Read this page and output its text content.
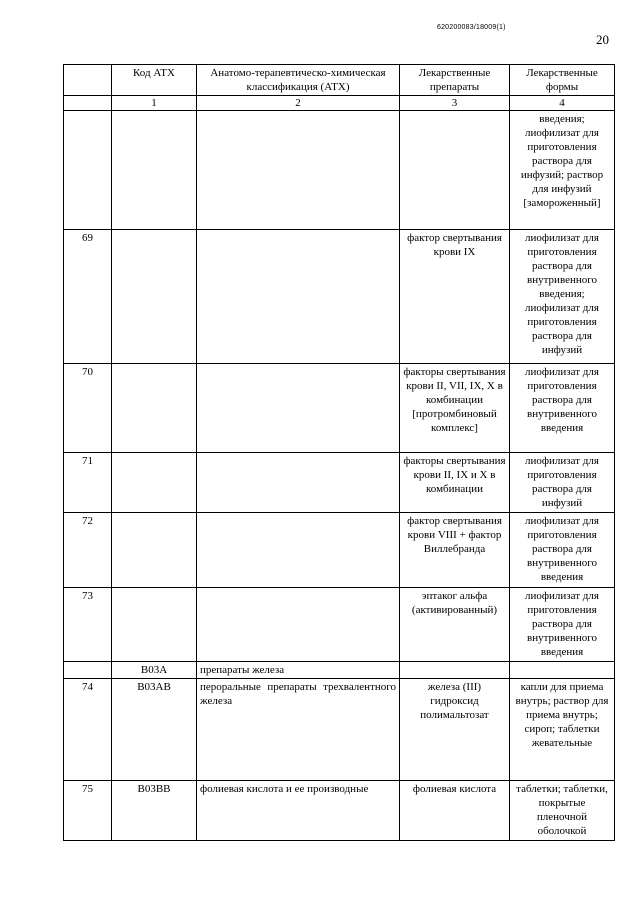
620200083/18009(1)
20
	Код АТХ	Анатомо-терапевтическо-химическая классификация (АТХ)	Лекарственные препараты	Лекарственные формы
	1	2	3	4
				введения; лиофилизат для приготовления раствора для инфузий; раствор для инфузий [замороженный]
69			фактор свертывания крови IX	лиофилизат для приготовления раствора для внутривенного введения; лиофилизат для приготовления раствора для инфузий
70			факторы свертывания крови II, VII, IX, X в комбинации [протромбиновый комплекс]	лиофилизат для приготовления раствора для внутривенного введения
71			факторы свертывания крови II, IX и X в комбинации	лиофилизат для приготовления раствора для инфузий
72			фактор свертывания крови VIII + фактор Виллебранда	лиофилизат для приготовления раствора для внутривенного введения
73			эптаког альфа (активированный)	лиофилизат для приготовления раствора для внутривенного введения
	B03A	препараты железа		
74	B03AB	пероральные препараты трехвалентного железа	железа (III) гидроксид полимальтозат	капли для приема внутрь; раствор для приема внутрь; сироп; таблетки жевательные
75	B03BB	фолиевая кислота и ее производные	фолиевая кислота	таблетки; таблетки, покрытые пленочной оболочкой
